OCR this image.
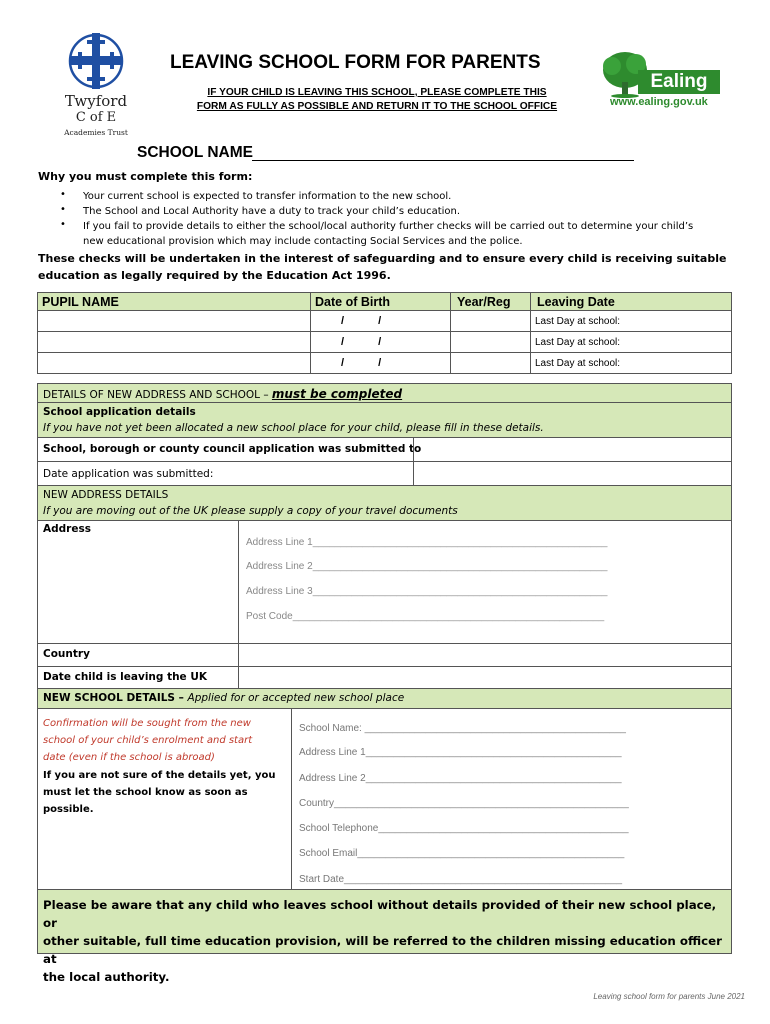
Twyford
C of E
Academies Trust
LEAVING SCHOOL FORM FOR PARENTS
IF YOUR CHILD IS LEAVING THIS SCHOOL, PLEASE COMPLETE THIS
FORM AS FULLY AS POSSIBLE AND RETURN IT TO THE SCHOOL OFFICE
Ealing
www.ealing.gov.uk
SCHOOL NAME
Why you must complete this form:
• Your current school is expected to transfer information to the new school.
• The School and Local Authority have a duty to track your child’s education.
• If you fail to provide details to either the school/local authority further checks will be carried out to determine your child’s
new educational provision which may include contacting Social Services and the police.
These checks will be undertaken in the interest of safeguarding and to ensure every child is receiving suitable
education as legally required by the Education Act 1996.
PUPIL NAME	Date of Birth	Year/Reg	Leaving Date
	/ /		Last Day at school:
	/ /		Last Day at school:
	/ /		Last Day at school:
DETAILS OF NEW ADDRESS AND SCHOOL – must be completed
School application details
If you have not yet been allocated a new school place for your child, please fill in these details.
School, borough or county council application was submitted to
Date application was submitted:
NEW ADDRESS DETAILS
If you are moving out of the UK please supply a copy of your travel documents
Address
Address Line 1_____________________________________________________
Address Line 2_____________________________________________________
Address Line 3_____________________________________________________
Post Code________________________________________________________
Country
Date child is leaving the UK
NEW SCHOOL DETAILS – Applied for or accepted new school place
Confirmation will be sought from the new
school of your child’s enrolment and start
date (even if the school is abroad)
If you are not sure of the details yet, you
must let the school know as soon as
possible.
School Name: _______________________________________________
Address Line 1______________________________________________
Address Line 2______________________________________________
Country_____________________________________________________
School Telephone_____________________________________________
School Email________________________________________________
Start Date__________________________________________________
Please be aware that any child who leaves school without details provided of their new school place, or
other suitable, full time education provision, will be referred to the children missing education officer at
the local authority.
Leaving school form for parents June 2021
